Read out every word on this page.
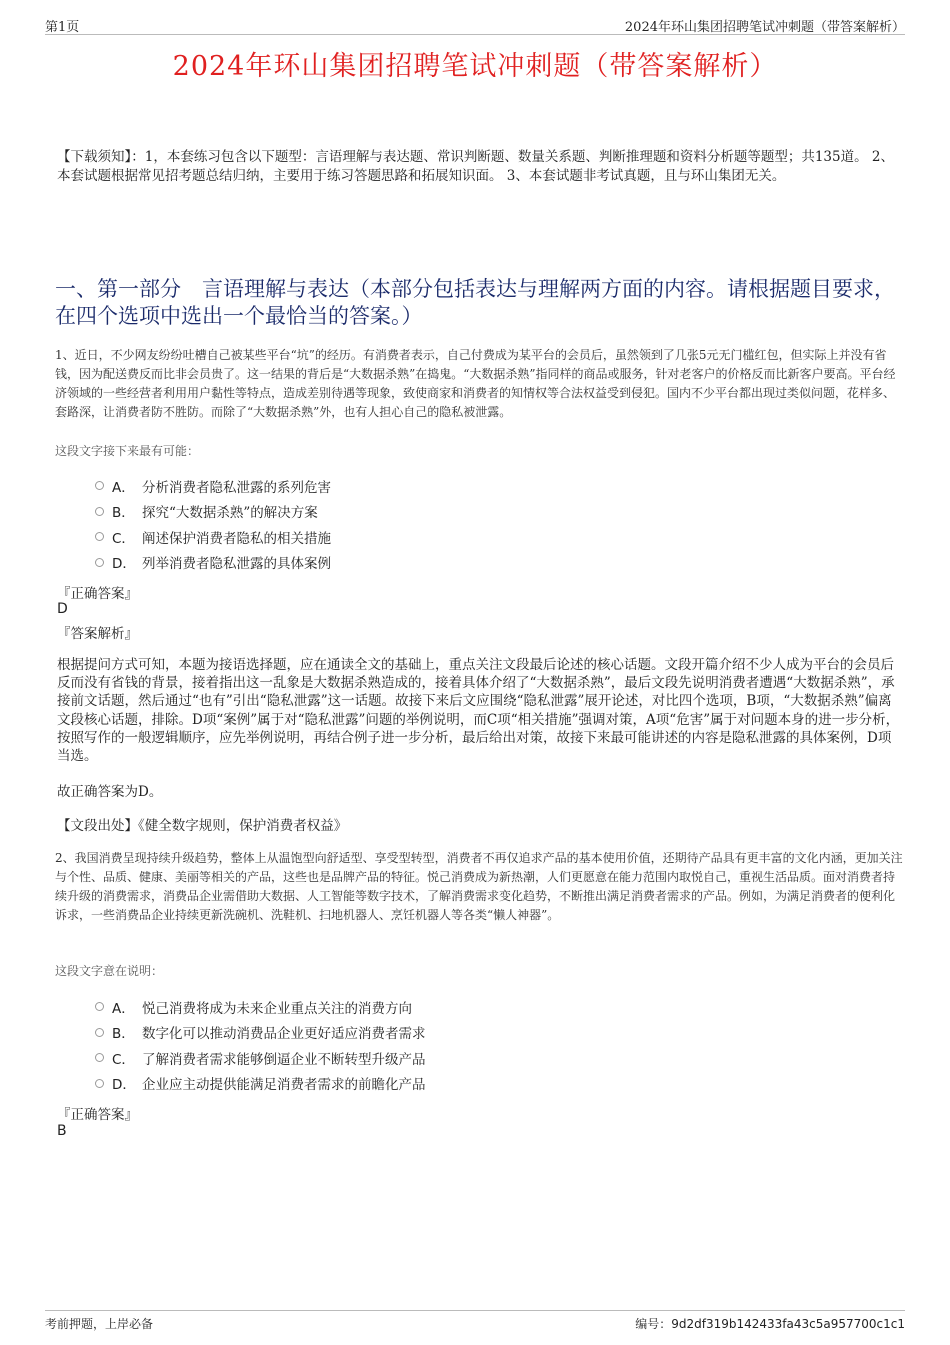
第1页	2024年环山集团招聘笔试冲刺题（带答案解析）
2024年环山集团招聘笔试冲刺题（带答案解析）
【下载须知】：1，本套练习包含以下题型：言语理解与表达题、常识判断题、数量关系题、判断推理题和资料分析题等题型；共135道。 2、本套试题根据常见招考题总结归纳，主要用于练习答题思路和拓展知识面。 3、本套试题非考试真题，且与环山集团无关。
一、第一部分　言语理解与表达（本部分包括表达与理解两方面的内容。请根据题目要求，在四个选项中选出一个最恰当的答案。）
1、近日，不少网友纷纷吐槽自己被某些平台“坑”的经历。有消费者表示，自己付费成为某平台的会员后，虽然领到了几张5元无门槛红包，但实际上并没有省钱，因为配送费反而比非会员贵了。这一结果的背后是“大数据杀熟”在捣鬼。“大数据杀熟”指同样的商品或服务，针对老客户的价格反而比新客户要高。平台经济领域的一些经营者利用用户黏性等特点，造成差别待遇等现象，致使商家和消费者的知情权等合法权益受到侵犯。国内不少平台都出现过类似问题，花样多、套路深，让消费者防不胜防。而除了“大数据杀熟”外，也有人担心自己的隐私被泄露。
这段文字接下来最有可能：
A． 分析消费者隐私泄露的系列危害
B． 探究“大数据杀熟”的解决方案
C． 阐述保护消费者隐私的相关措施
D． 列举消费者隐私泄露的具体案例
『正确答案』
D
『答案解析』
根据提问方式可知，本题为接语选择题，应在通读全文的基础上，重点关注文段最后论述的核心话题。文段开篇介绍不少人成为平台的会员后反而没有省钱的背景，接着指出这一乱象是大数据杀熟造成的，接着具体介绍了“大数据杀熟”，最后文段先说明消费者遭遇“大数据杀熟”，承接前文话题，然后通过“也有”引出“隐私泄露”这一话题。故接下来后文应围绕“隐私泄露”展开论述，对比四个选项，B项，“大数据杀熟”偏离文段核心话题，排除。D项“案例”属于对“隐私泄露”问题的举例说明，而C项“相关措施”强调对策，A项“危害”属于对问题本身的进一步分析，按照写作的一般逻辑顺序，应先举例说明，再结合例子进一步分析，最后给出对策，故接下来最可能讲述的内容是隐私泄露的具体案例，D项当选。
故正确答案为D。
【文段出处】《健全数字规则，保护消费者权益》
2、我国消费呈现持续升级趋势，整体上从温饱型向舒适型、享受型转型，消费者不再仅追求产品的基本使用价值，还期待产品具有更丰富的文化内涵，更加关注与个性、品质、健康、美丽等相关的产品，这些也是品牌产品的特征。悦己消费成为新热潮，人们更愿意在能力范围内取悦自己，重视生活品质。面对消费者持续升级的消费需求，消费品企业需借助大数据、人工智能等数字技术，了解消费需求变化趋势，不断推出满足消费者需求的产品。例如，为满足消费者的便利化诉求，一些消费品企业持续更新洗碗机、洗鞋机、扫地机器人、烹饪机器人等各类“懒人神器”。
这段文字意在说明：
A． 悦己消费将成为未来企业重点关注的消费方向
B． 数字化可以推动消费品企业更好适应消费者需求
C． 了解消费者需求能够倒逼企业不断转型升级产品
D． 企业应主动提供能满足消费者需求的前瞻化产品
『正确答案』
B
考前押题，上岸必备	编号：9d2df319b142433fa43c5a957700c1c1
